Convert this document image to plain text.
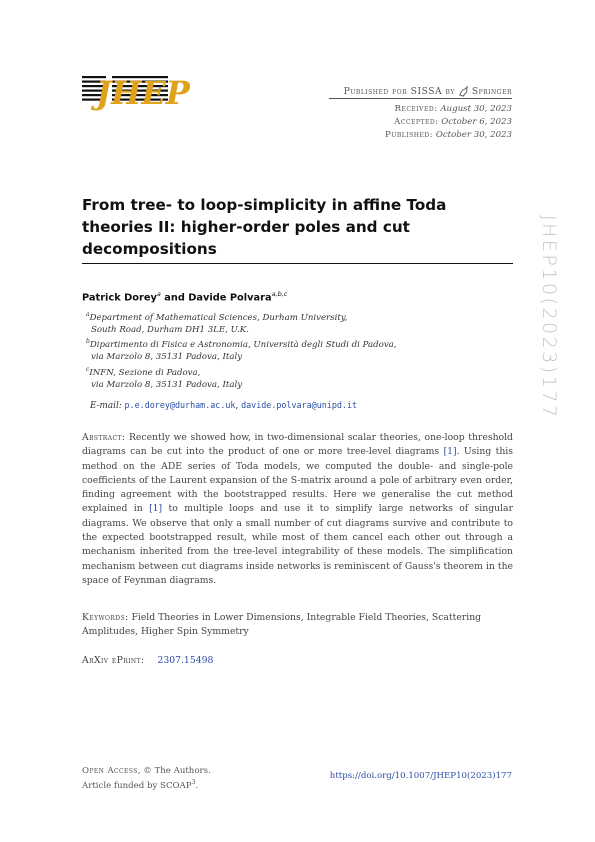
JHEP	Published for SISSA by Springer
Received: August 30, 2023
Accepted: October 6, 2023
Published: October 30, 2023
From tree- to loop-simplicity in affine Toda theories II: higher-order poles and cut decompositions
Patrick Dorey$^a$ and Davide Polvara$^{a,b,c}$
$^a$Department of Mathematical Sciences, Durham University,
South Road, Durham DH1 3LE, U.K.
$^b$Dipartimento di Fisica e Astronomia, Università degli Studi di Padova,
via Marzolo 8, 35131 Padova, Italy
$^c$INFN, Sezione di Padova,
via Marzolo 8, 35131 Padova, Italy
E-mail: p.e.dorey@durham.ac.uk, davide.polvara@unipd.it
Abstract: Recently we showed how, in two-dimensional scalar theories, one-loop threshold diagrams can be cut into the product of one or more tree-level diagrams [1]. Using this method on the ADE series of Toda models, we computed the double- and single-pole coefficients of the Laurent expansion of the S-matrix around a pole of arbitrary even order, finding agreement with the bootstrapped results. Here we generalise the cut method explained in [1] to multiple loops and use it to simplify large networks of singular diagrams. We observe that only a small number of cut diagrams survive and contribute to the expected bootstrapped result, while most of them cancel each other out through a mechanism inherited from the tree-level integrability of these models. The simplification mechanism between cut diagrams inside networks is reminiscent of Gauss's theorem in the space of Feynman diagrams.
Keywords: Field Theories in Lower Dimensions, Integrable Field Theories, Scattering Amplitudes, Higher Spin Symmetry
ArXiv ePrint: 2307.15498
Open Access, © The Authors.
Article funded by SCOAP$^3$.
https://doi.org/10.1007/JHEP10(2023)177
JHEP10(2023)177
